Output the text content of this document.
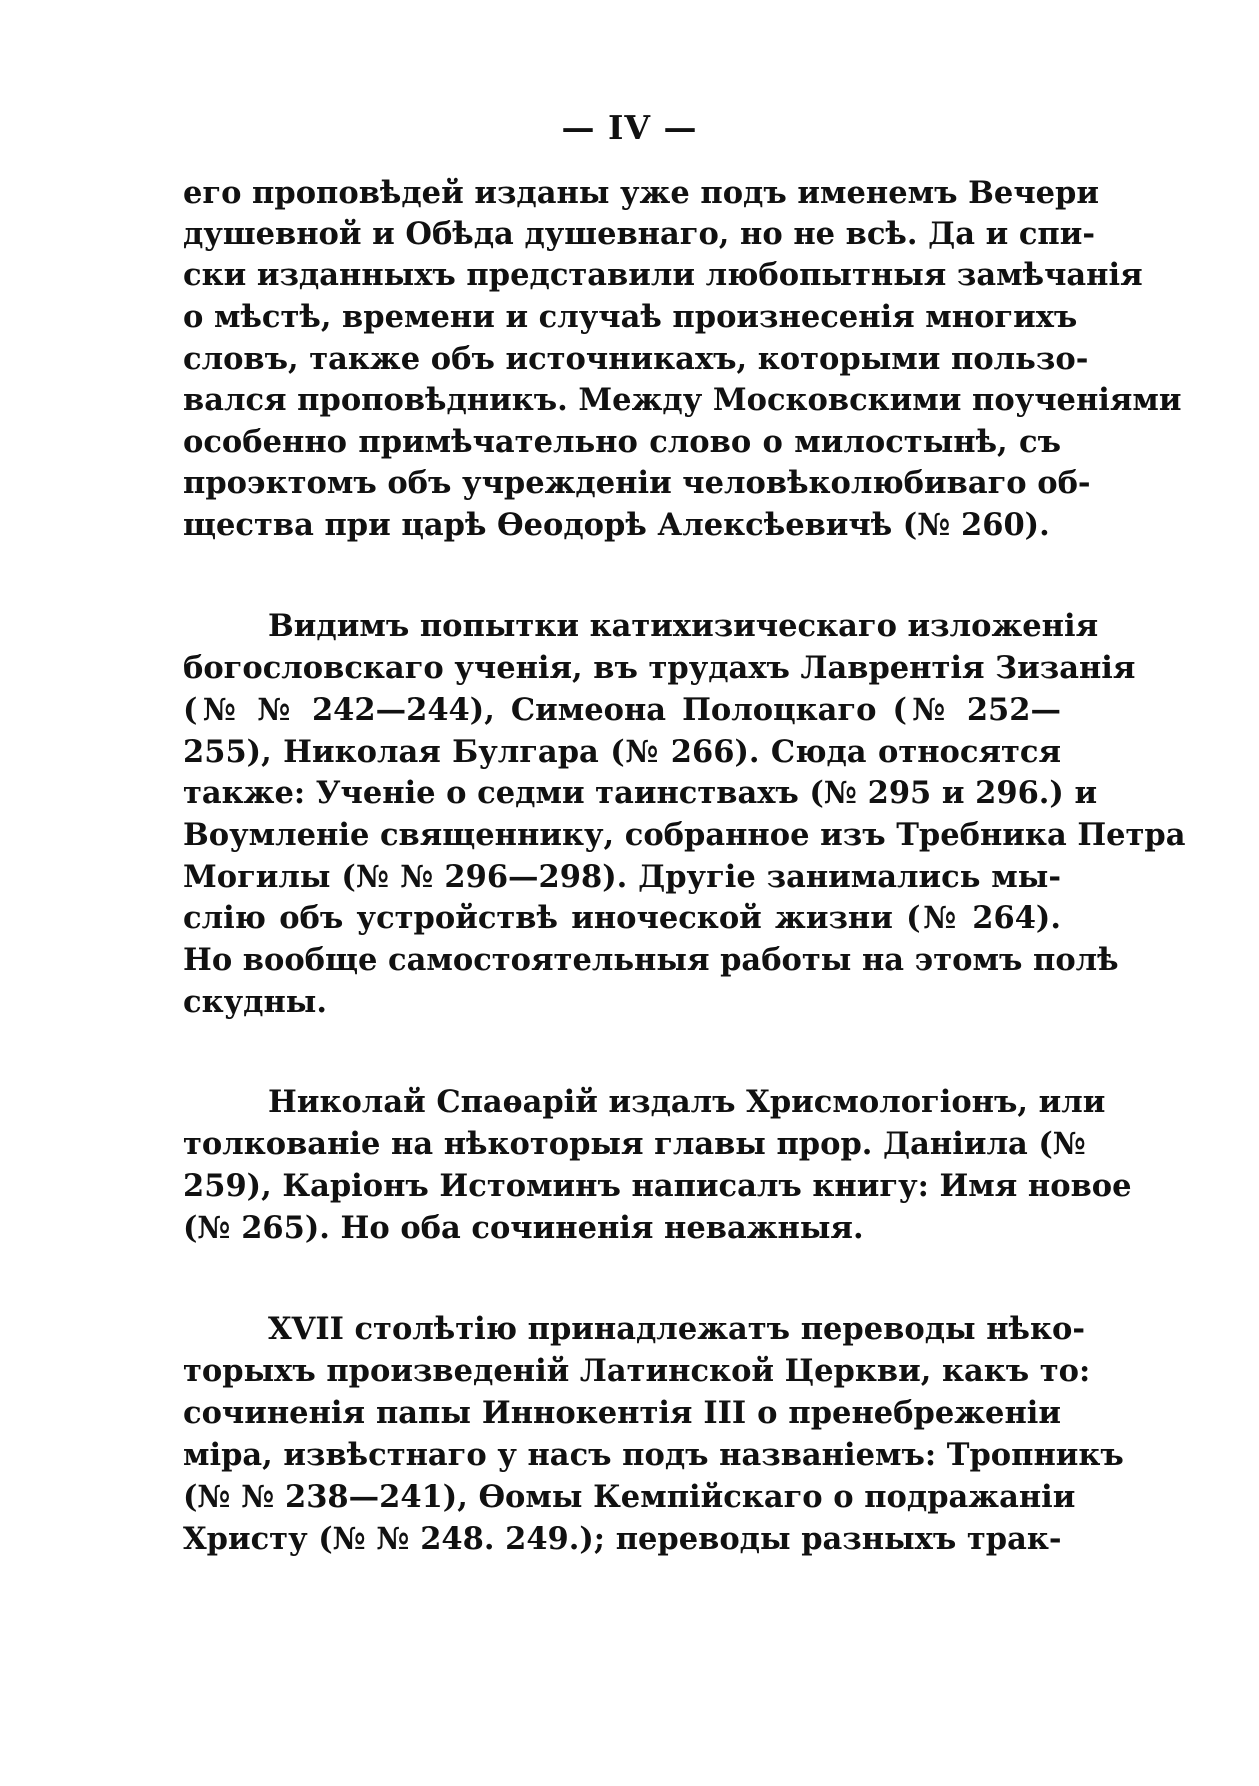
— IV —
его проповѣдей изданы уже подъ именемъ Вечери
душевной и Обѣда душевнаго, но не всѣ. Да и спи-
ски изданныхъ представили любопытныя замѣчанія
о мѣстѣ, времени и случаѣ произнесенія многихъ
словъ, также объ источникахъ, которыми пользо-
вался проповѣдникъ. Между Московскими поученіями
особенно примѣчательно слово о милостынѣ, съ
проэктомъ объ учрежденіи человѣколюбиваго об-
щества при царѣ Ѳеодорѣ Алексѣевичѣ (№ 260).
Видимъ попытки катихизическаго изложенія
богословскаго ученія, въ трудахъ Лаврентія Зизанія
(№ № 242—244), Симеона Полоцкаго (№ 252—
255), Николая Булгара (№ 266). Сюда относятся
также: Ученіе о седми таинствахъ (№ 295 и 296.) и
Воумленіе священнику, собранное изъ Требника Петра
Могилы (№ № 296—298). Другіе занимались мы-
слію объ устройствѣ иноческой жизни (№ 264).
Но вообще самостоятельныя работы на этомъ полѣ
скудны.
Николай Спаѳарій издалъ Хрисмологіонъ, или
толкованіе на нѣкоторыя главы прор. Даніила (№
259), Каріонъ Истоминъ написалъ книгу: Имя новое
(№ 265). Но оба сочиненія неважныя.
XVII столѣтію принадлежатъ переводы нѣко-
торыхъ произведеній Латинской Церкви, какъ то:
сочиненія папы Иннокентія III о пренебреженіи
міра, извѣстнаго у насъ подъ названіемъ: Тропникъ
(№ № 238—241), Ѳомы Кемпійскаго о подражаніи
Христу (№ № 248. 249.); переводы разныхъ трак-
